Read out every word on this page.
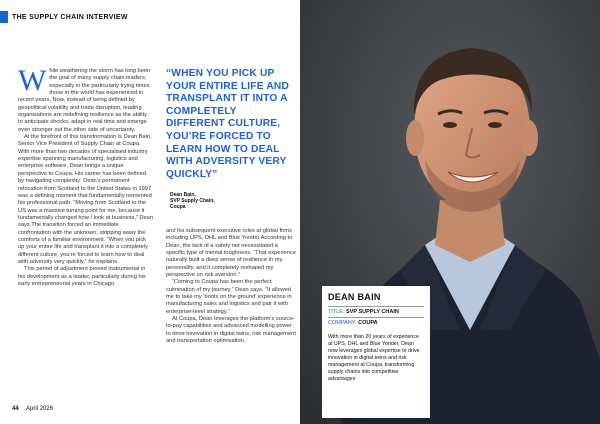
THE SUPPLY CHAIN INTERVIEW

While weathering the storm has long been the goal of many supply chain leaders, especially in the particularly trying times those in the world has experienced in recent years. Now, instead of being defined by geopolitical volatility and trade disruption, leading organisations are redefining resilience as the ability to anticipate shocks, adapt in real time and emerge even stronger out the other side of uncertainty.

At the forefront of this transformation is Dean Bain, Senior Vice President of Supply Chain at Coupa. With more than two decades of specialised industry expertise spanning manufacturing, logistics and enterprise software, Dean brings a unique perspective to Coupa. His career has been defined by navigating complexity: Dean’s permanent relocation from Scotland to the United States in 1997 was a defining moment that fundamentally reoriented his professional path. “Moving from Scotland to the US was a massive turning point for me, because it fundamentally changed how I look at business,” Dean says.The transition forced an immediate confrontation with the unknown, stripping away the comforts of a familiar environment. “When you pick up your entire life and transplant it into a completely different culture, you’re forced to learn how to deal with adversity very quickly,” he explains.

This period of adjustment proved instrumental in his development as a leader, particularly during his early entrepreneurial years in Chicago

44 April 2026
“WHEN YOU PICK UP YOUR ENTIRE LIFE AND TRANSPLANT IT INTO A COMPLETELY DIFFERENT CULTURE, YOU’RE FORCED TO LEARN HOW TO DEAL WITH ADVERSITY VERY QUICKLY”
Dean Bain,
SVP Supply Chain,
Coupa

and his subsequent executive roles at global firms including UPS, DHL and Blue Yonder.According to Dean, the lack of a safety net necessitated a specific type of mental toughness. “That experience naturally built a deep sense of resilience in my personality, and it completely reshaped my perspective on risk aversion.”

“Coming to Coupa has been the perfect culmination of my journey,” Dean says. “It allowed me to take my ‘boots on the ground’ experience in manufacturing sales and logistics and pair it with enterprise-level strategy.”

At Coupa, Dean leverages the platform’s source-to-pay capabilities and advanced modelling power to drive innovation in digital twins, risk management and transportation optimisation.

DEAN BAIN
TITLE: SVP SUPPLY CHAIN
COMPANY: COUPA
With more than 20 years of experience at UPS, DHL and Blue Yonder, Dean now leverages global expertise to drive innovation in digital twins and risk management at Coupa, transforming supply chains into competitive advantages
